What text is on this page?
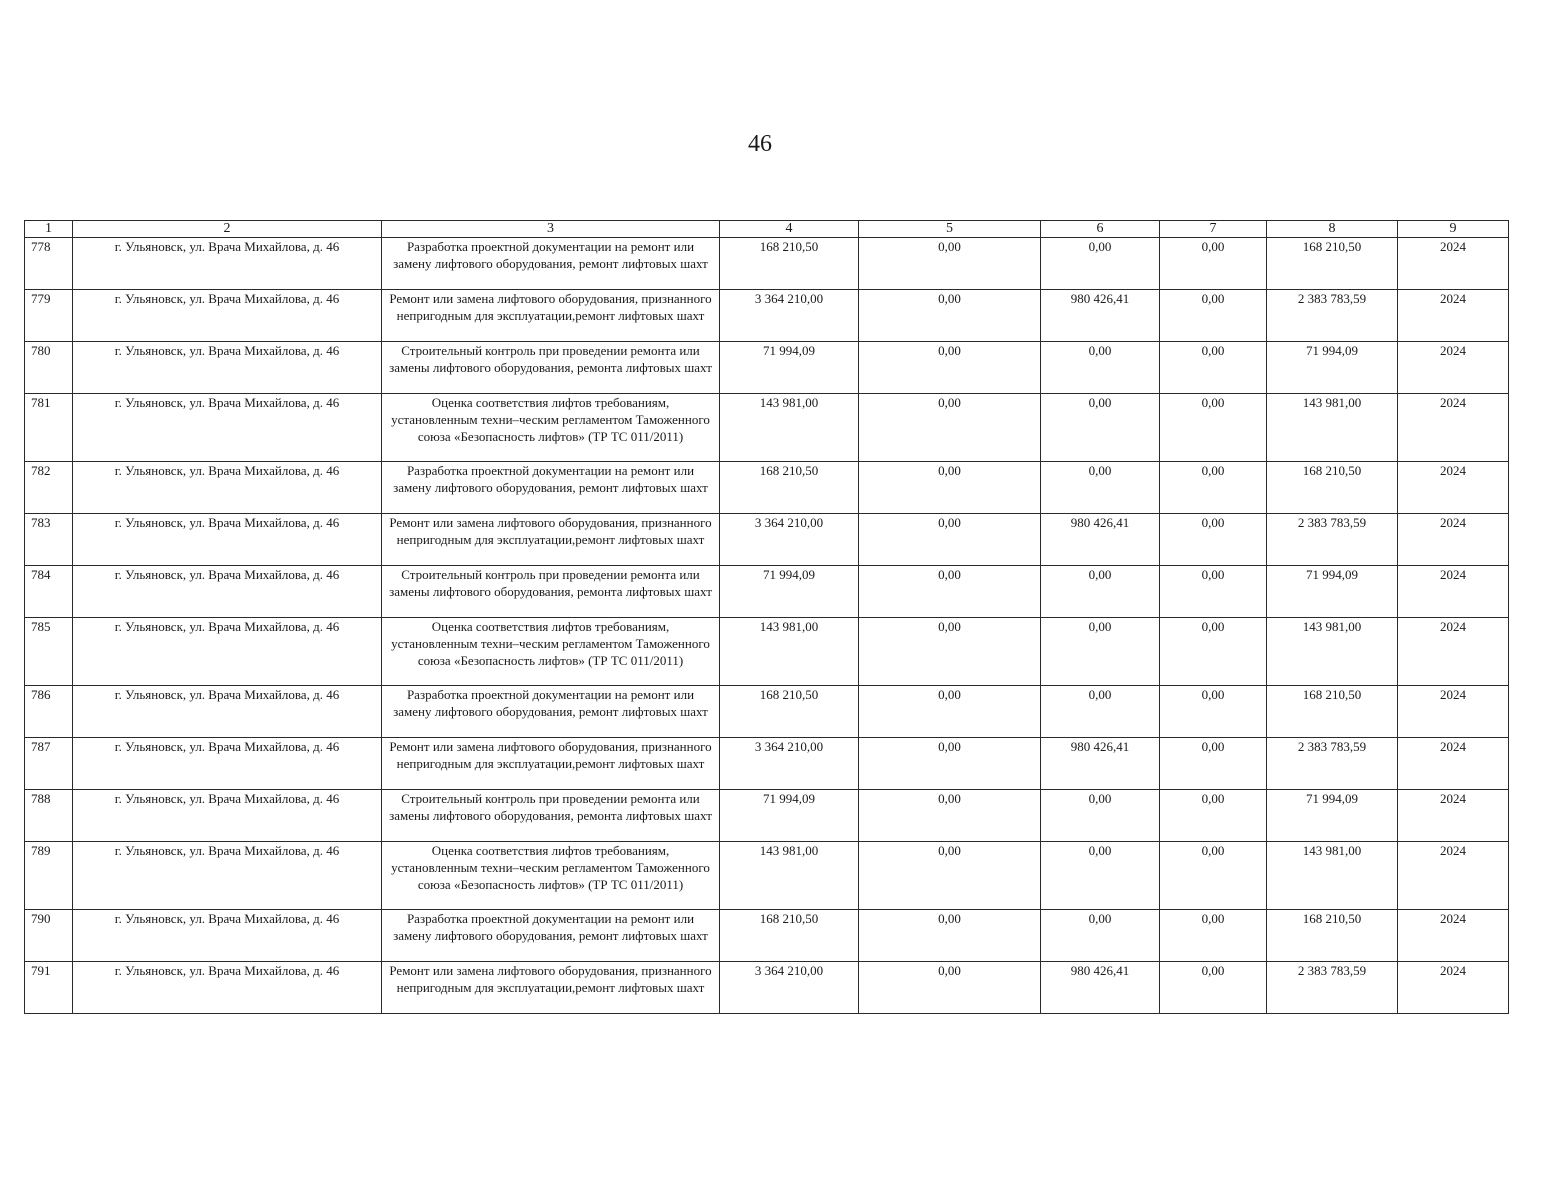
46
1	2	3	4	5	6	7	8	9
778	г. Ульяновск, ул. Врача Михайлова, д. 46	Разработка проектной документации на ремонт или замену лифтового оборудования, ремонт лифтовых шахт	168 210,50	0,00	0,00	0,00	168 210,50	2024
779	г. Ульяновск, ул. Врача Михайлова, д. 46	Ремонт или замена лифтового оборудования, признанного непригодным для эксплуатации,ремонт лифтовых шахт	3 364 210,00	0,00	980 426,41	0,00	2 383 783,59	2024
780	г. Ульяновск, ул. Врача Михайлова, д. 46	Строительный контроль при проведении ремонта или замены лифтового оборудования, ремонта лифтовых шахт	71 994,09	0,00	0,00	0,00	71 994,09	2024
781	г. Ульяновск, ул. Врача Михайлова, д. 46	Оценка соответствия лифтов требованиям, установленным техни–ческим регламентом Таможенного союза «Безопасность лифтов» (ТР ТС 011/2011)	143 981,00	0,00	0,00	0,00	143 981,00	2024
782	г. Ульяновск, ул. Врача Михайлова, д. 46	Разработка проектной документации на ремонт или замену лифтового оборудования, ремонт лифтовых шахт	168 210,50	0,00	0,00	0,00	168 210,50	2024
783	г. Ульяновск, ул. Врача Михайлова, д. 46	Ремонт или замена лифтового оборудования, признанного непригодным для эксплуатации,ремонт лифтовых шахт	3 364 210,00	0,00	980 426,41	0,00	2 383 783,59	2024
784	г. Ульяновск, ул. Врача Михайлова, д. 46	Строительный контроль при проведении ремонта или замены лифтового оборудования, ремонта лифтовых шахт	71 994,09	0,00	0,00	0,00	71 994,09	2024
785	г. Ульяновск, ул. Врача Михайлова, д. 46	Оценка соответствия лифтов требованиям, установленным техни–ческим регламентом Таможенного союза «Безопасность лифтов» (ТР ТС 011/2011)	143 981,00	0,00	0,00	0,00	143 981,00	2024
786	г. Ульяновск, ул. Врача Михайлова, д. 46	Разработка проектной документации на ремонт или замену лифтового оборудования, ремонт лифтовых шахт	168 210,50	0,00	0,00	0,00	168 210,50	2024
787	г. Ульяновск, ул. Врача Михайлова, д. 46	Ремонт или замена лифтового оборудования, признанного непригодным для эксплуатации,ремонт лифтовых шахт	3 364 210,00	0,00	980 426,41	0,00	2 383 783,59	2024
788	г. Ульяновск, ул. Врача Михайлова, д. 46	Строительный контроль при проведении ремонта или замены лифтового оборудования, ремонта лифтовых шахт	71 994,09	0,00	0,00	0,00	71 994,09	2024
789	г. Ульяновск, ул. Врача Михайлова, д. 46	Оценка соответствия лифтов требованиям, установленным техни–ческим регламентом Таможенного союза «Безопасность лифтов» (ТР ТС 011/2011)	143 981,00	0,00	0,00	0,00	143 981,00	2024
790	г. Ульяновск, ул. Врача Михайлова, д. 46	Разработка проектной документации на ремонт или замену лифтового оборудования, ремонт лифтовых шахт	168 210,50	0,00	0,00	0,00	168 210,50	2024
791	г. Ульяновск, ул. Врача Михайлова, д. 46	Ремонт или замена лифтового оборудования, признанного непригодным для эксплуатации,ремонт лифтовых шахт	3 364 210,00	0,00	980 426,41	0,00	2 383 783,59	2024
